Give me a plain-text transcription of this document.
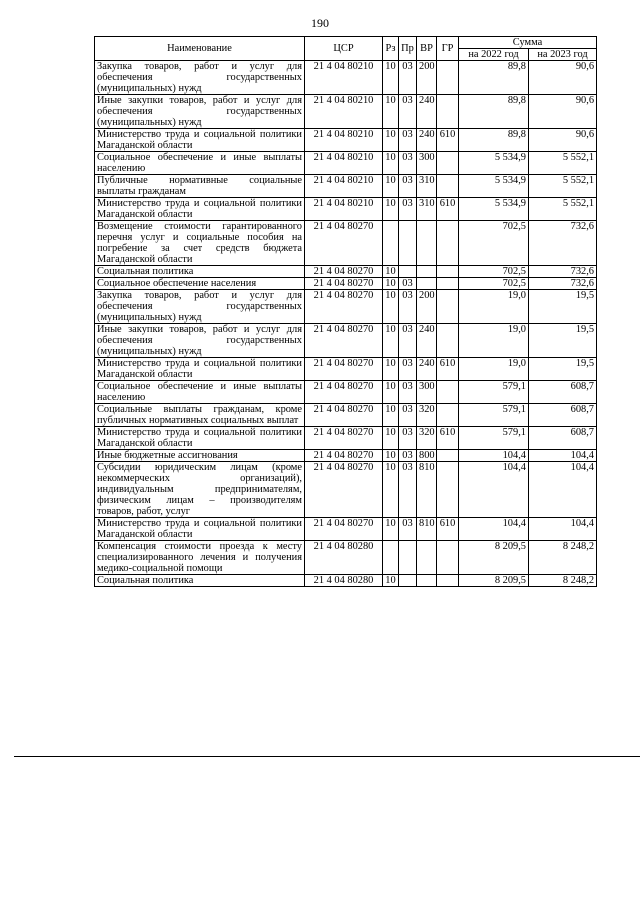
190
Наименование	ЦСР	Рз	Пр	ВР	ГР	Сумма	
						на 2022 год	на 2023 год
Закупка товаров, работ и услуг для обеспечения государственных (муниципальных) нужд	21 4 04 80210	10	03	200		89,8	90,6
Иные закупки товаров, работ и услуг для обеспечения государственных (муниципальных) нужд	21 4 04 80210	10	03	240		89,8	90,6
Министерство труда и социальной политики Магаданской области	21 4 04 80210	10	03	240	610	89,8	90,6
Социальное обеспечение и иные выплаты населению	21 4 04 80210	10	03	300		5 534,9	5 552,1
Публичные нормативные социальные выплаты гражданам	21 4 04 80210	10	03	310		5 534,9	5 552,1
Министерство труда и социальной политики Магаданской области	21 4 04 80210	10	03	310	610	5 534,9	5 552,1
Возмещение стоимости гарантированного перечня услуг и социальные пособия на погребение за счет средств бюджета Магаданской области	21 4 04 80270					702,5	732,6
Социальная политика	21 4 04 80270	10				702,5	732,6
Социальное обеспечение населения	21 4 04 80270	10	03			702,5	732,6
Закупка товаров, работ и услуг для обеспечения государственных (муниципальных) нужд	21 4 04 80270	10	03	200		19,0	19,5
Иные закупки товаров, работ и услуг для обеспечения государственных (муниципальных) нужд	21 4 04 80270	10	03	240		19,0	19,5
Министерство труда и социальной политики Магаданской области	21 4 04 80270	10	03	240	610	19,0	19,5
Социальное обеспечение и иные выплаты населению	21 4 04 80270	10	03	300		579,1	608,7
Социальные выплаты гражданам, кроме публичных нормативных социальных выплат	21 4 04 80270	10	03	320		579,1	608,7
Министерство труда и социальной политики Магаданской области	21 4 04 80270	10	03	320	610	579,1	608,7
Иные бюджетные ассигнования	21 4 04 80270	10	03	800		104,4	104,4
Субсидии юридическим лицам (кроме некоммерческих организаций), индивидуальным предпринимателям, физическим лицам – производителям товаров, работ, услуг	21 4 04 80270	10	03	810		104,4	104,4
Министерство труда и социальной политики Магаданской области	21 4 04 80270	10	03	810	610	104,4	104,4
Компенсация стоимости проезда к месту специализированного лечения и получения медико-социальной помощи	21 4 04 80280					8 209,5	8 248,2
Социальная политика	21 4 04 80280	10				8 209,5	8 248,2
